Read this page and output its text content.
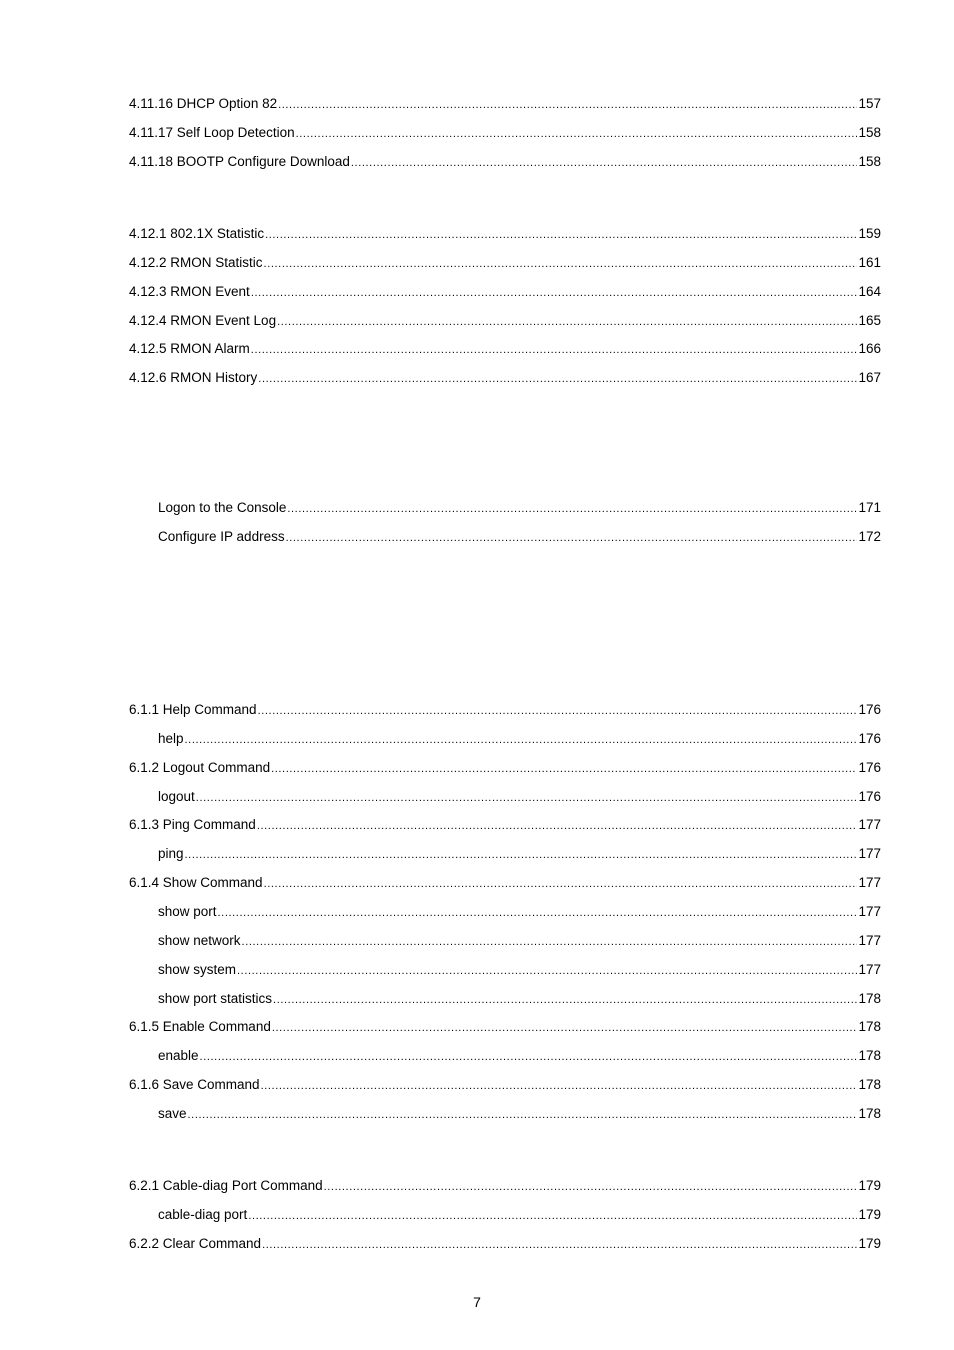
4.11.16 DHCP Option 82 .....	157
4.11.17 Self Loop Detection .....	158
4.11.18 BOOTP Configure Download .....	158
4.12.1 802.1X Statistic .....	159
4.12.2 RMON Statistic .....	161
4.12.3 RMON Event .....	164
4.12.4 RMON Event Log .....	165
4.12.5 RMON Alarm .....	166
4.12.6 RMON History .....	167
Logon to the Console .....	171
Configure IP address .....	172
6.1.1 Help Command .....	176
help .....	176
6.1.2 Logout Command .....	176
logout .....	176
6.1.3 Ping Command .....	177
ping .....	177
6.1.4 Show Command .....	177
show port .....	177
show network .....	177
show system .....	177
show port statistics .....	178
6.1.5 Enable Command .....	178
enable .....	178
6.1.6 Save Command .....	178
save .....	178
6.2.1 Cable-diag Port Command .....	179
cable-diag port .....	179
6.2.2 Clear Command .....	179
7
